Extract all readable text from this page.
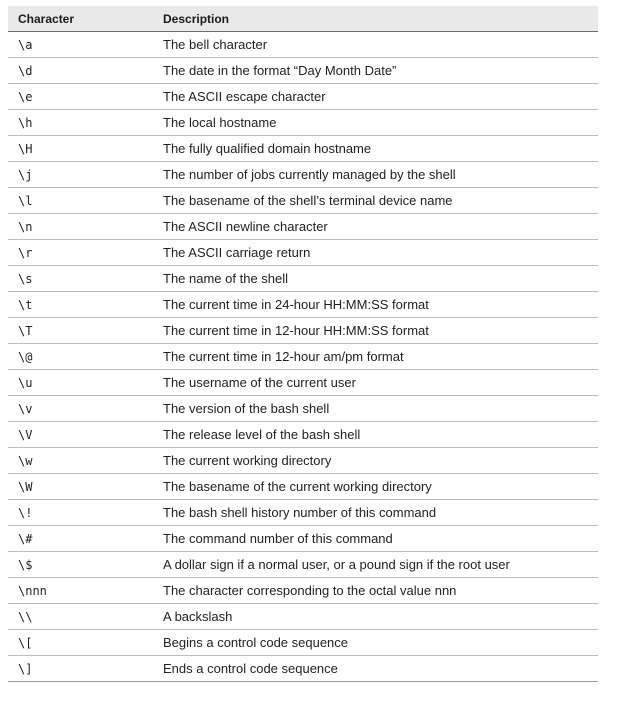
Character	Description
\a	The bell character
\d	The date in the format “Day Month Date”
\e	The ASCII escape character
\h	The local hostname
\H	The fully qualified domain hostname
\j	The number of jobs currently managed by the shell
\l	The basename of the shell’s terminal device name
\n	The ASCII newline character
\r	The ASCII carriage return
\s	The name of the shell
\t	The current time in 24-hour HH:MM:SS format
\T	The current time in 12-hour HH:MM:SS format
\@	The current time in 12-hour am/pm format
\u	The username of the current user
\v	The version of the bash shell
\V	The release level of the bash shell
\w	The current working directory
\W	The basename of the current working directory
\!	The bash shell history number of this command
\#	The command number of this command
\$	A dollar sign if a normal user, or a pound sign if the root user
\nnn	The character corresponding to the octal value nnn
\\	A backslash
\[	Begins a control code sequence
\]	Ends a control code sequence
